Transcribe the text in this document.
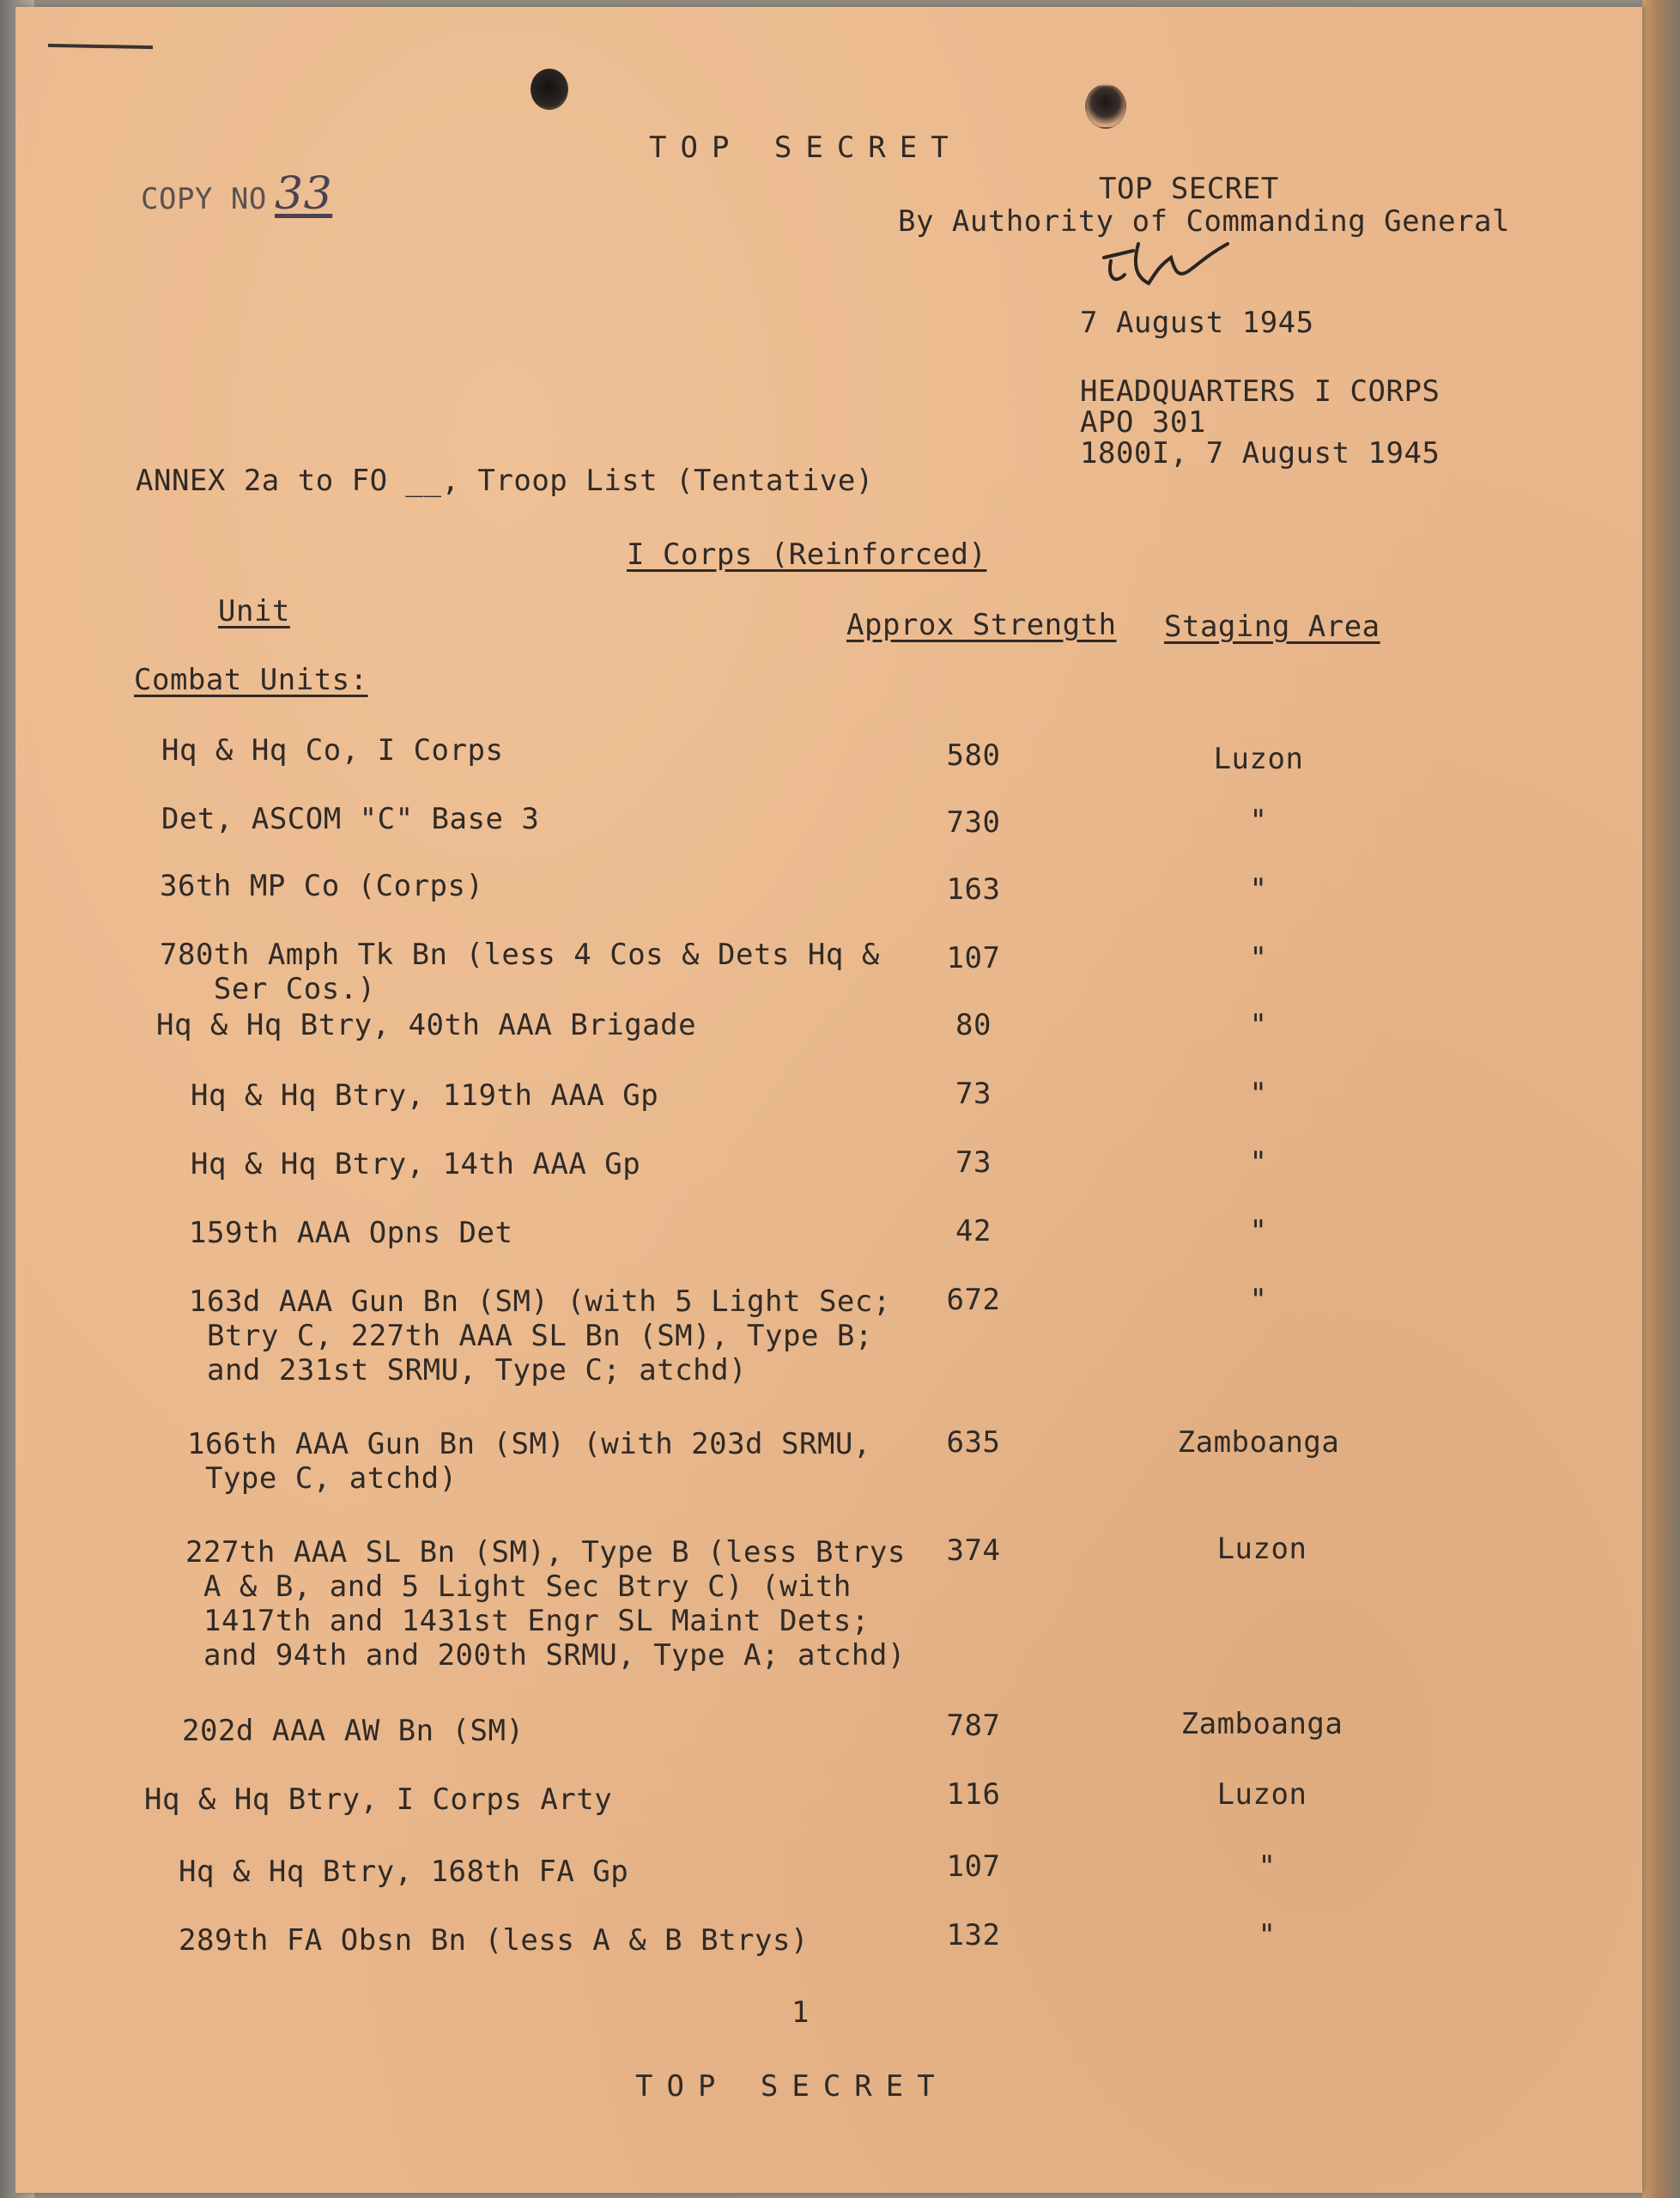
TOP SECRET
COPY NO 33	TOP SECRET
By Authority of Commanding General
7 August 1945
HEADQUARTERS I CORPS
APO 301
1800I, 7 August 1945
ANNEX 2a to FO __, Troop List (Tentative)
I Corps (Reinforced)
Unit	Approx Strength Staging Area
Combat Units:
Hq & Hq Co, I Corps	580	Luzon
Det, ASCOM "C" Base 3	730	"
36th MP Co (Corps)	163	"
780th Amph Tk Bn (less 4 Cos & Dets Hq &
Ser Cos.)
107	"
Hq & Hq Btry, 40th AAA Brigade	80	"
Hq & Hq Btry, 119th AAA Gp	73	"
Hq & Hq Btry, 14th AAA Gp	73	"
159th AAA Opns Det	42	"
163d AAA Gun Bn (SM) (with 5 Light Sec;
Btry C, 227th AAA SL Bn (SM), Type B;
and 231st SRMU, Type C; atchd)
672	"
166th AAA Gun Bn (SM) (with 203d SRMU,
Type C, atchd)
635	Zamboanga
227th AAA SL Bn (SM), Type B (less Btrys
A & B, and 5 Light Sec Btry C) (with
1417th and 1431st Engr SL Maint Dets;
and 94th and 200th SRMU, Type A; atchd)
374	Luzon
202d AAA AW Bn (SM)	787	Zamboanga
Hq & Hq Btry, I Corps Arty	116	Luzon
Hq & Hq Btry, 168th FA Gp	107	"
289th FA Obsn Bn (less A & B Btrys)	132	"
1
TOP SECRET
